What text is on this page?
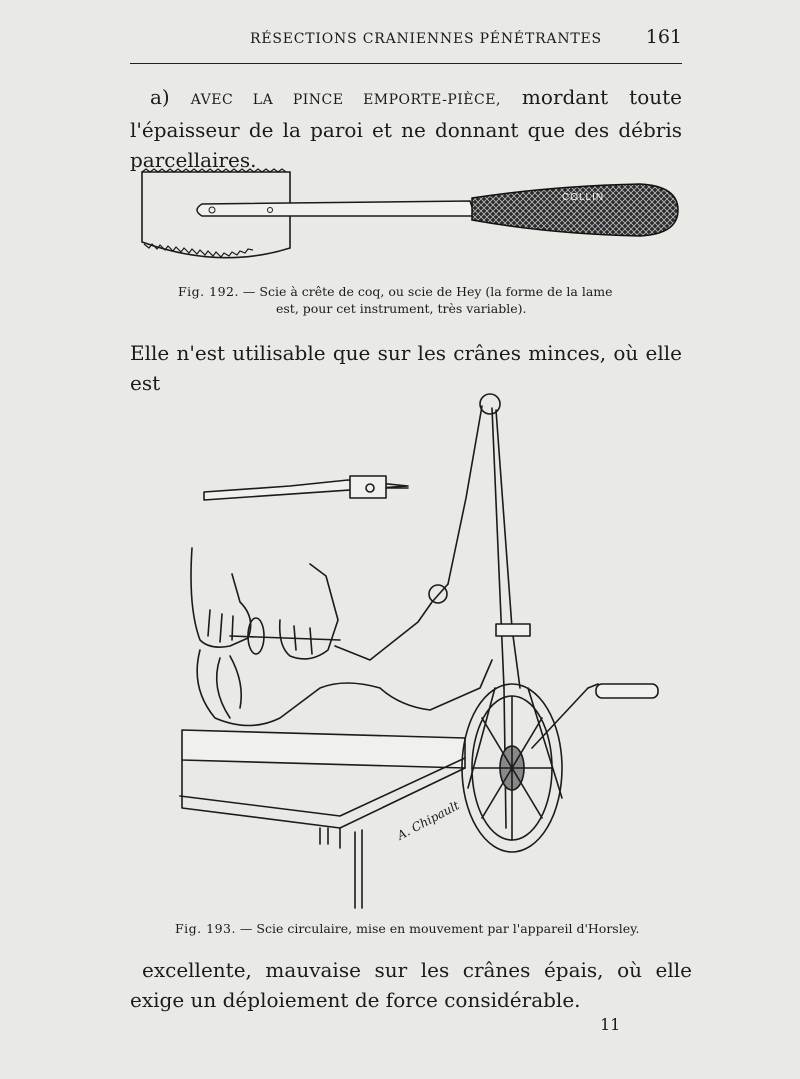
RÉSECTIONS CRANIENNES PÉNÉTRANTES 161

a) AVEC LA PINCE EMPORTE-PIÈCE, mordant toute l'épaisseur de la paroi et ne donnant que des débris parcellaires.

COLLIN

Fig. 192. — Scie à crête de coq, ou scie de Hey (la forme de la lame
est, pour cet instrument, très variable).

Elle n'est utilisable que sur les crânes minces, où elle est

A. Chipault

Fig. 193. — Scie circulaire, mise en mouvement par l'appareil d'Horsley.

excellente, mauvaise sur les crânes épais, où elle exige un déploiement de force considérable.

11
